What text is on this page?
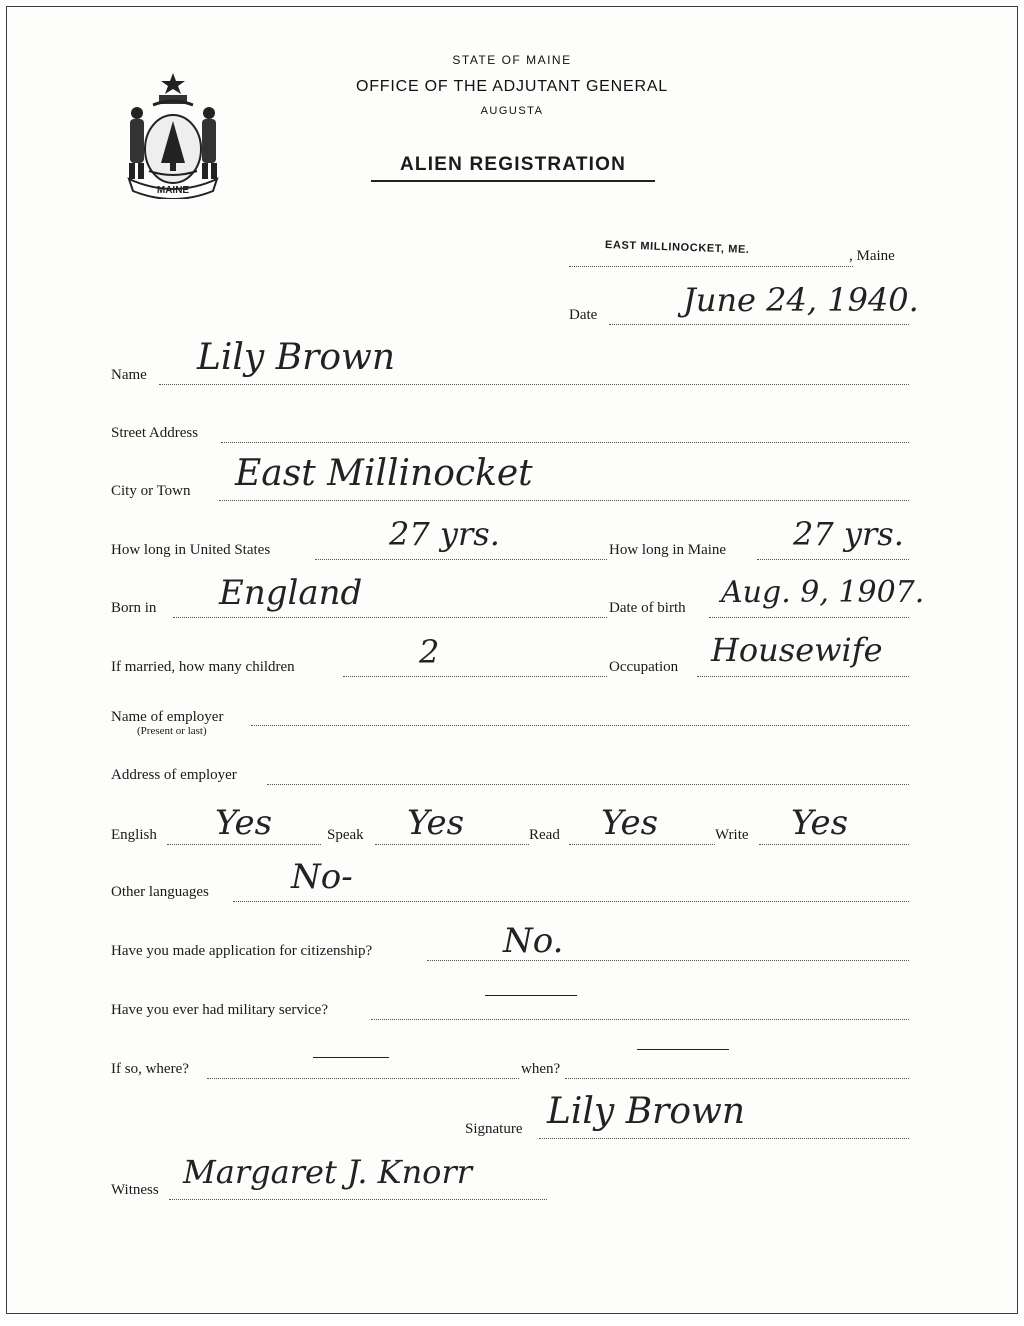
MAINE
STATE OF MAINE
OFFICE OF THE ADJUTANT GENERAL
AUGUSTA
ALIEN REGISTRATION
EAST MILLINOCKET, ME.	, Maine
Date	June 24, 1940.
Name Lily Brown
Street Address
City or Town East Millinocket
How long in United States	27 yrs.	How long in Maine 27 yrs.
Born in England	Date of birth Aug. 9, 1907.
If married, how many children	2	Occupation Housewife
Name of employer
(Present or last)
Address of employer
English Yes	Speak Yes	Read Yes	Write Yes
Other languages No-
Have you made application for citizenship?	No.
Have you ever had military service?
If so, where?	when?
Signature Lily Brown
Witness Margaret J. Knorr
